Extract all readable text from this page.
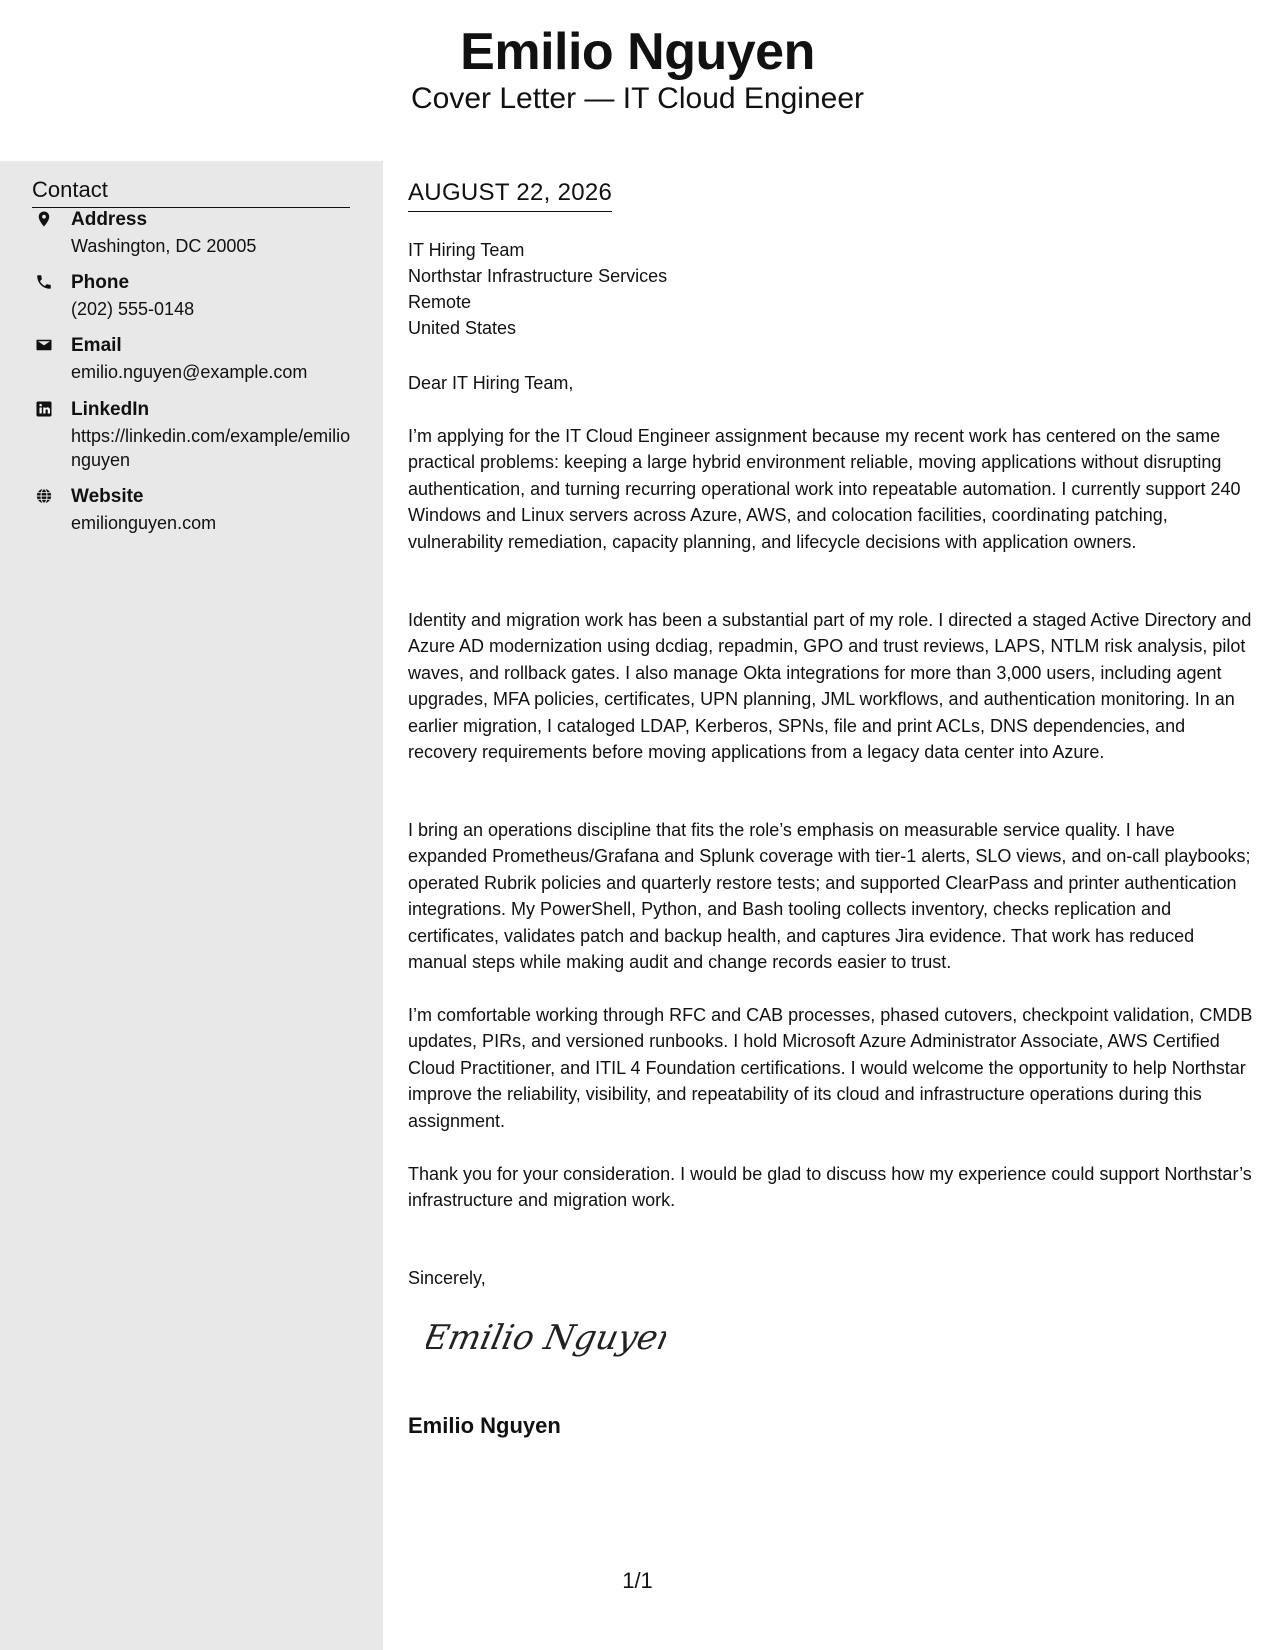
Emilio Nguyen
Cover Letter — IT Cloud Engineer
Contact
Address
Washington, DC 20005
Phone
(202) 555-0148
Email
emilio.nguyen@example.com
LinkedIn
https://linkedin.com/example/emilionguyen
Website
emilionguyen.com
AUGUST 22, 2026
IT Hiring Team
Northstar Infrastructure Services
Remote
United States
Dear IT Hiring Team,
I’m applying for the IT Cloud Engineer assignment because my recent work has centered on the same practical problems: keeping a large hybrid environment reliable, moving applications without disrupting authentication, and turning recurring operational work into repeatable automation. I currently support 240 Windows and Linux servers across Azure, AWS, and colocation facilities, coordinating patching, vulnerability remediation, capacity planning, and lifecycle decisions with application owners.
Identity and migration work has been a substantial part of my role. I directed a staged Active Directory and Azure AD modernization using dcdiag, repadmin, GPO and trust reviews, LAPS, NTLM risk analysis, pilot waves, and rollback gates. I also manage Okta integrations for more than 3,000 users, including agent upgrades, MFA policies, certificates, UPN planning, JML workflows, and authentication monitoring. In an earlier migration, I cataloged LDAP, Kerberos, SPNs, file and print ACLs, DNS dependencies, and recovery requirements before moving applications from a legacy data center into Azure.
I bring an operations discipline that fits the role’s emphasis on measurable service quality. I have expanded Prometheus/Grafana and Splunk coverage with tier-1 alerts, SLO views, and on-call playbooks; operated Rubrik policies and quarterly restore tests; and supported ClearPass and printer authentication integrations. My PowerShell, Python, and Bash tooling collects inventory, checks replication and certificates, validates patch and backup health, and captures Jira evidence. That work has reduced manual steps while making audit and change records easier to trust.
I’m comfortable working through RFC and CAB processes, phased cutovers, checkpoint validation, CMDB updates, PIRs, and versioned runbooks. I hold Microsoft Azure Administrator Associate, AWS Certified Cloud Practitioner, and ITIL 4 Foundation certifications. I would welcome the opportunity to help Northstar improve the reliability, visibility, and repeatability of its cloud and infrastructure operations during this assignment.
Thank you for your consideration. I would be glad to discuss how my experience could support Northstar’s infrastructure and migration work.
Sincerely,
Emilio Nguyen
Emilio Nguyen
1/1
